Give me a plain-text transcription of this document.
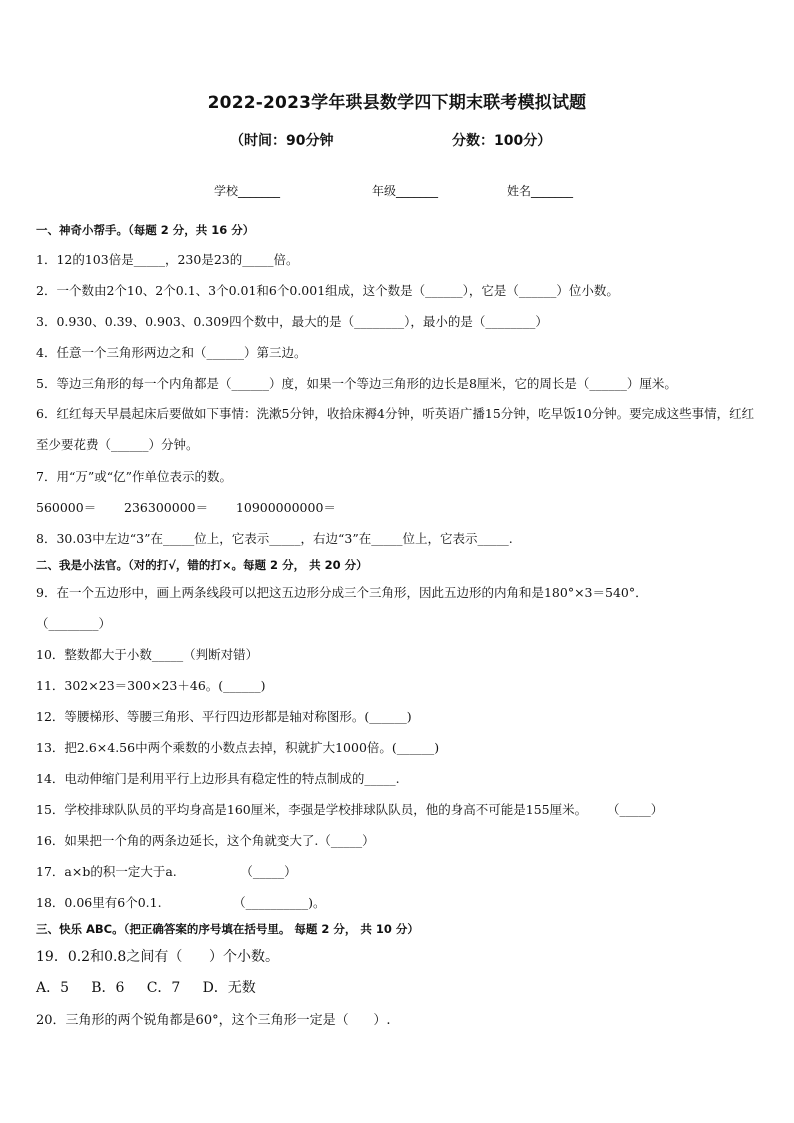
2022-2023学年珙县数学四下期末联考模拟试题
（时间：90分钟	分数：100分）
学校_______	年级_______	姓名_______
一、神奇小帮手。（每题 2 分，共 16 分）
1．12的103倍是_____，230是23的_____倍。
2．一个数由2个10、2个0.1、3个0.01和6个0.001组成，这个数是（______），它是（______）位小数。
3．0.930、0.39、0.903、0.309四个数中，最大的是（________），最小的是（________）
4．任意一个三角形两边之和（______）第三边。
5．等边三角形的每一个内角都是（______）度，如果一个等边三角形的边长是8厘米，它的周长是（______）厘米。
6．红红每天早晨起床后要做如下事情：洗漱5分钟，收拾床褥4分钟，听英语广播15分钟，吃早饭10分钟。要完成这些事情，红红至少要花费（______）分钟。
7．用“万”或“亿”作单位表示的数。
560000＝       236300000＝       10900000000＝
8．30.03中左边“3”在_____位上，它表示_____，右边“3”在_____位上，它表示_____.
二、我是小法官。（对的打√，错的打×。每题 2 分， 共 20 分）
9．在一个五边形中，画上两条线段可以把这五边形分成三个三角形，因此五边形的内角和是180°×3＝540°．
（________）
10．整数都大于小数_____（判断对错）
11．302×23＝300×23＋46。(______)
12．等腰梯形、等腰三角形、平行四边形都是轴对称图形。(______)
13．把2.6×4.56中两个乘数的小数点去掉，积就扩大1000倍。(______)
14．电动伸缩门是利用平行上边形具有稳定性的特点制成的_____.
15．学校排球队队员的平均身高是160厘米，李强是学校排球队队员，他的身高不可能是155厘米。     （_____）
16．如果把一个角的两条边延长，这个角就变大了.（_____）
17．a×b的积一定大于a.                （_____）
18．0.06里有6个0.1.                  （__________)。
三、快乐 ABC。（把正确答案的序号填在括号里。 每题 2 分， 共 10 分）
19．0.2和0.8之间有（      ）个小数。
A．5     B．6     C．7     D．无数
20．三角形的两个锐角都是60°，这个三角形一定是（      ）.
